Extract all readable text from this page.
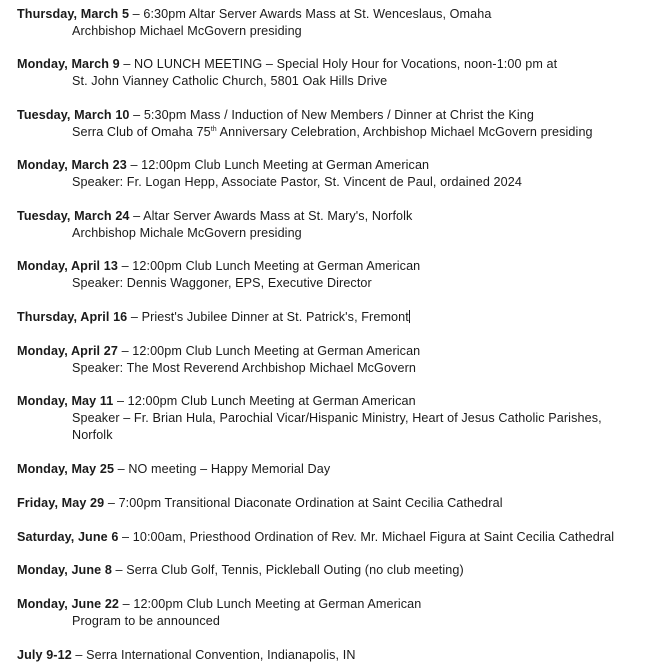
Thursday, March 5 – 6:30pm Altar Server Awards Mass at St. Wenceslaus, Omaha
Archbishop Michael McGovern presiding
Monday, March 9 – NO LUNCH MEETING – Special Holy Hour for Vocations, noon-1:00 pm at
St. John Vianney Catholic Church, 5801 Oak Hills Drive
Tuesday, March 10 – 5:30pm Mass / Induction of New Members / Dinner at Christ the King
Serra Club of Omaha 75th Anniversary Celebration, Archbishop Michael McGovern presiding
Monday, March 23 – 12:00pm Club Lunch Meeting at German American
Speaker: Fr. Logan Hepp, Associate Pastor, St. Vincent de Paul, ordained 2024
Tuesday, March 24 – Altar Server Awards Mass at St. Mary's, Norfolk
Archbishop Michale McGovern presiding
Monday, April 13 – 12:00pm Club Lunch Meeting at German American
Speaker: Dennis Waggoner, EPS, Executive Director
Thursday, April 16 – Priest's Jubilee Dinner at St. Patrick's, Fremont
Monday, April 27 – 12:00pm Club Lunch Meeting at German American
Speaker: The Most Reverend Archbishop Michael McGovern
Monday, May 11 – 12:00pm Club Lunch Meeting at German American
Speaker – Fr. Brian Hula, Parochial Vicar/Hispanic Ministry, Heart of Jesus Catholic Parishes,
Norfolk
Monday, May 25 – NO meeting – Happy Memorial Day
Friday, May 29 – 7:00pm Transitional Diaconate Ordination at Saint Cecilia Cathedral
Saturday, June 6 – 10:00am, Priesthood Ordination of Rev. Mr. Michael Figura at Saint Cecilia Cathedral
Monday, June 8 – Serra Club Golf, Tennis, Pickleball Outing (no club meeting)
Monday, June 22 – 12:00pm Club Lunch Meeting at German American
Program to be announced
July 9-12 – Serra International Convention, Indianapolis, IN
